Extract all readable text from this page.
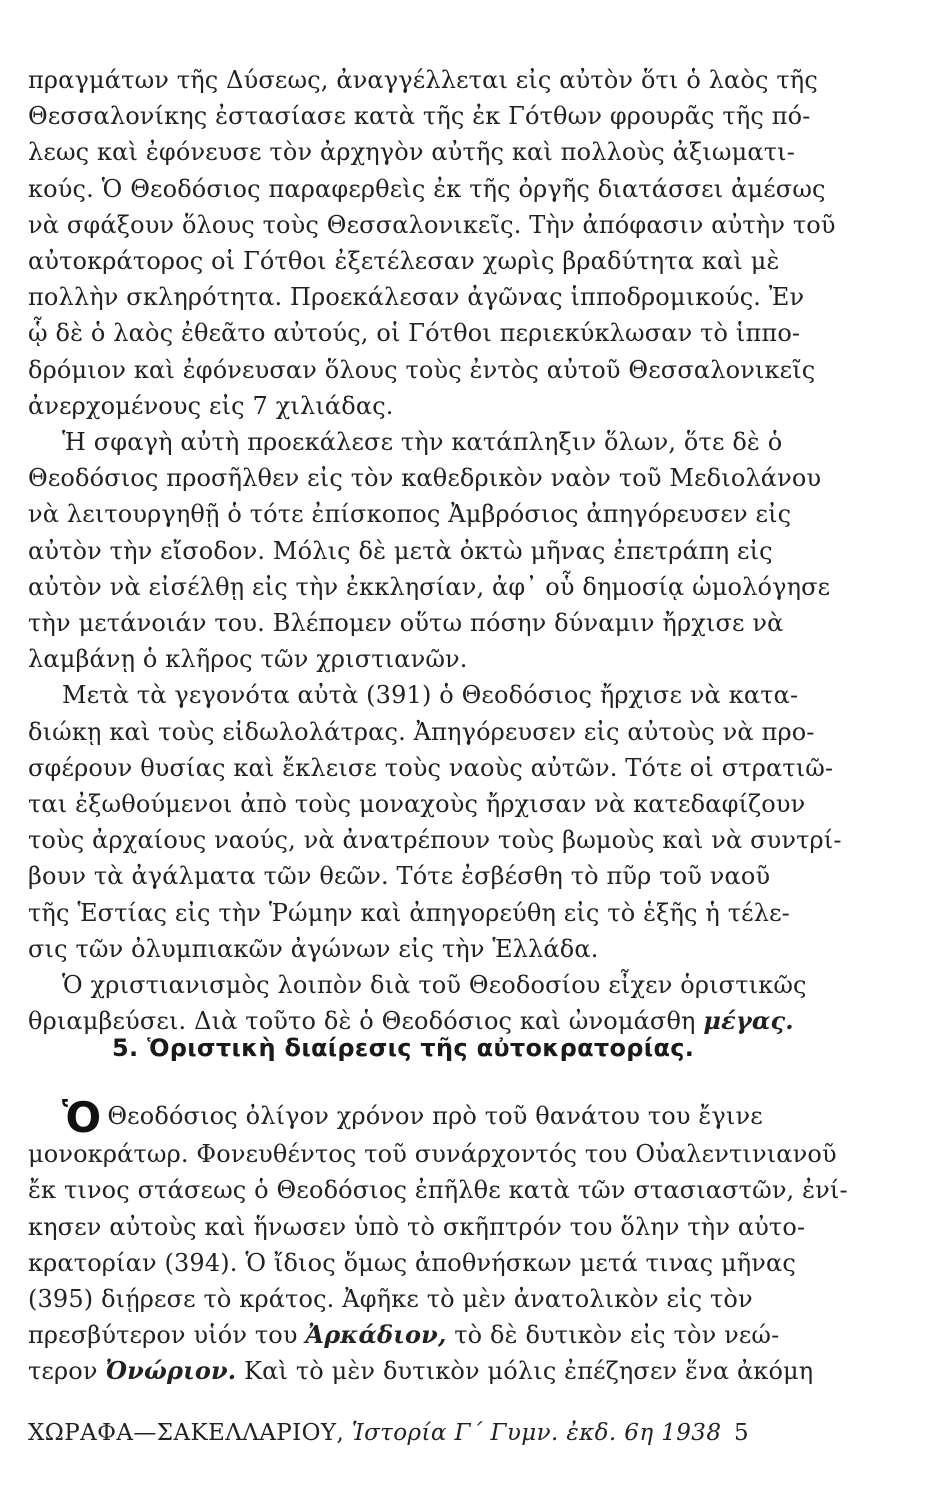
πραγμάτων τῆς Δύσεως, ἀναγγέλλεται εἰς αὐτὸν ὅτι ὁ λαὸς τῆς
Θεσσαλονίκης ἐστασίασε κατὰ τῆς ἐκ Γότθων φρουρᾶς τῆς πό-
λεως καὶ ἐφόνευσε τὸν ἀρχηγὸν αὐτῆς καὶ πολλοὺς ἀξιωματι-
κούς. Ὁ Θεοδόσιος παραφερθεὶς ἐκ τῆς ὀργῆς διατάσσει ἀμέσως
νὰ σφάξουν ὅλους τοὺς Θεσσαλονικεῖς. Τὴν ἀπόφασιν αὐτὴν τοῦ
αὐτοκράτορος οἱ Γότθοι ἐξετέλεσαν χωρὶς βραδύτητα καὶ μὲ
πολλὴν σκληρότητα. Προεκάλεσαν ἀγῶνας ἱπποδρομικούς. Ἐν
ᾧ δὲ ὁ λαὸς ἐθεᾶτο αὐτούς, οἱ Γότθοι περιεκύκλωσαν τὸ ἱππο-
δρόμιον καὶ ἐφόνευσαν ὅλους τοὺς ἐντὸς αὐτοῦ Θεσσαλονικεῖς
ἀνερχομένους εἰς 7 χιλιάδας.
Ἡ σφαγὴ αὐτὴ προεκάλεσε τὴν κατάπληξιν ὅλων, ὅτε δὲ ὁ
Θεοδόσιος προσῆλθεν εἰς τὸν καθεδρικὸν ναὸν τοῦ Μεδιολάνου
νὰ λειτουργηθῇ ὁ τότε ἐπίσκοπος Ἀμβρόσιος ἀπηγόρευσεν εἰς
αὐτὸν τὴν εἴσοδον. Μόλις δὲ μετὰ ὀκτὼ μῆνας ἐπετράπη εἰς
αὐτὸν νὰ εἰσέλθῃ εἰς τὴν ἐκκλησίαν, ἀφ᾽ οὗ δημοσίᾳ ὡμολόγησε
τὴν μετάνοιάν του. Βλέπομεν οὕτω πόσην δύναμιν ἤρχισε νὰ
λαμβάνῃ ὁ κλῆρος τῶν χριστιανῶν.
Μετὰ τὰ γεγονότα αὐτὰ (391) ὁ Θεοδόσιος ἤρχισε νὰ κατα-
διώκῃ καὶ τοὺς εἰδωλολάτρας. Ἀπηγόρευσεν εἰς αὐτοὺς νὰ προ-
σφέρουν θυσίας καὶ ἔκλεισε τοὺς ναοὺς αὐτῶν. Τότε οἱ στρατιῶ-
ται ἐξωθούμενοι ἀπὸ τοὺς μοναχοὺς ἤρχισαν νὰ κατεδαφίζουν
τοὺς ἀρχαίους ναούς, νὰ ἀνατρέπουν τοὺς βωμοὺς καὶ νὰ συντρί-
βουν τὰ ἀγάλματα τῶν θεῶν. Τότε ἐσβέσθη τὸ πῦρ τοῦ ναοῦ
τῆς Ἑστίας εἰς τὴν Ῥώμην καὶ ἀπηγορεύθη εἰς τὸ ἑξῆς ἡ τέλε-
σις τῶν ὀλυμπιακῶν ἀγώνων εἰς τὴν Ἑλλάδα.
Ὁ χριστιανισμὸς λοιπὸν διὰ τοῦ Θεοδοσίου εἶχεν ὁριστικῶς
θριαμβεύσει. Διὰ τοῦτο δὲ ὁ Θεοδόσιος καὶ ὠνομάσθη μέγας.
5. Ὁριστικὴ διαίρεσις τῆς αὐτοκρατορίας.
Ὁ Θεοδόσιος ὀλίγον χρόνον πρὸ τοῦ θανάτου του ἔγινε
μονοκράτωρ. Φονευθέντος τοῦ συνάρχοντός του Οὐαλεντινιανοῦ
ἔκ τινος στάσεως ὁ Θεοδόσιος ἐπῆλθε κατὰ τῶν στασιαστῶν, ἐνί-
κησεν αὐτοὺς καὶ ἥνωσεν ὑπὸ τὸ σκῆπτρόν του ὅλην τὴν αὐτο-
κρατορίαν (394). Ὁ ἴδιος ὅμως ἀποθνήσκων μετά τινας μῆνας
(395) διῄρεσε τὸ κράτος. Ἀφῆκε τὸ μὲν ἀνατολικὸν εἰς τὸν
πρεσβύτερον υἱόν του Ἀρκάδιον, τὸ δὲ δυτικὸν εἰς τὸν νεώ-
τερον Ὀνώριον. Καὶ τὸ μὲν δυτικὸν μόλις ἐπέζησεν ἕνα ἀκόμη
ΧΩΡΑΦΑ—ΣΑΚΕΛΛΑΡΙΟΥ, Ἱστορία Γ΄ Γυμν. ἐκδ. 6η 1938 5
